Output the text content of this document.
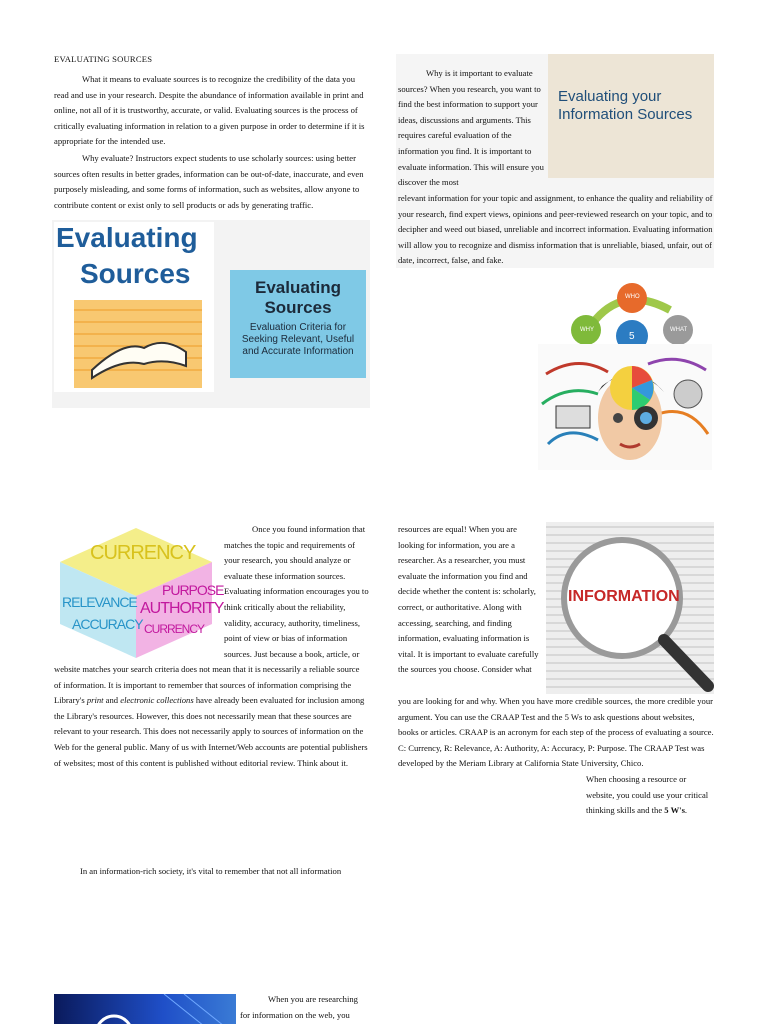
EVALUATING SOURCES

What it means to evaluate sources is to recognize the credibility of the data you read and use in your research. Despite the abundance of information available in print and online, not all of it is trustworthy, accurate, or valid. Evaluating sources is the process of critically evaluating information in relation to a given purpose in order to determine if it is appropriate for the intended use.

Why evaluate? Instructors expect students to use scholarly sources: using better sources often results in better grades, information can be out-of-date, inaccurate, and even purposely misleading, and some forms of information, such as websites, allow anyone to contribute content or exist only to sell products or ads by generating traffic.

Evaluating
Sources	Evaluating
Sources
Evaluation Criteria for
Seeking Relevant, Useful
and Accurate Information

Why is it important to evaluate sources? When you research, you want to find the best information to support your ideas, discussions and arguments. This requires careful evaluation of the information you find. It is important to evaluate information. This will ensure you discover the most

Evaluating your
Information Sources

relevant information for your topic and assignment, to enhance the quality and reliability of your research, find expert views, opinions and peer-reviewed research on your topic, and to decipher and weed out biased, unreliable and incorrect information. Evaluating information will allow you to recognize and dismiss information that is unreliable, biased, unfair, out of date, incorrect, false, and fake.

WHO
WHY	WHAT
5
CURRENCY
RELEVANCE
ACCURACY
PURPOSE
AUTHORITY
CURRENCY

Once you found information that matches the topic and requirements of your research, you should analyze or evaluate these information sources. Evaluating information encourages you to think critically about the reliability, validity, accuracy, authority, timeliness, point of view or bias of information sources. Just because a book, article, or

website matches your search criteria does not mean that it is necessarily a reliable source of information. It is important to remember that sources of information comprising the Library's print and electronic collections have already been evaluated for inclusion among the Library's resources. However, this does not necessarily mean that these sources are relevant to your research. This does not necessarily apply to sources of information on the Web for the general public. Many of us with Internet/Web accounts are potential publishers of websites; most of this content is published without editorial review. Think about it.

resources are equal! When you are looking for information, you are a researcher. As a researcher, you must evaluate the information you find and decide whether the content is: scholarly, correct, or authoritative. Along with accessing, searching, and finding information, evaluating information is vital. It is important to evaluate carefully the sources you choose. Consider what

INFORMATION

you are looking for and why. When you have more credible sources, the more credible your argument. You can use the CRAAP Test and the 5 Ws to ask questions about websites, books or articles. CRAAP is an acronym for each step of the process of evaluating a source. C: Currency, R: Relevance, A: Authority, A: Accuracy, P: Purpose. The CRAAP Test was developed by the Meriam Library at California State University, Chico.

When choosing a resource or website, you could use your critical thinking skills and the 5 W's.

In an information-rich society, it's vital to remember that not all information

When you are researching for information on the web, you
